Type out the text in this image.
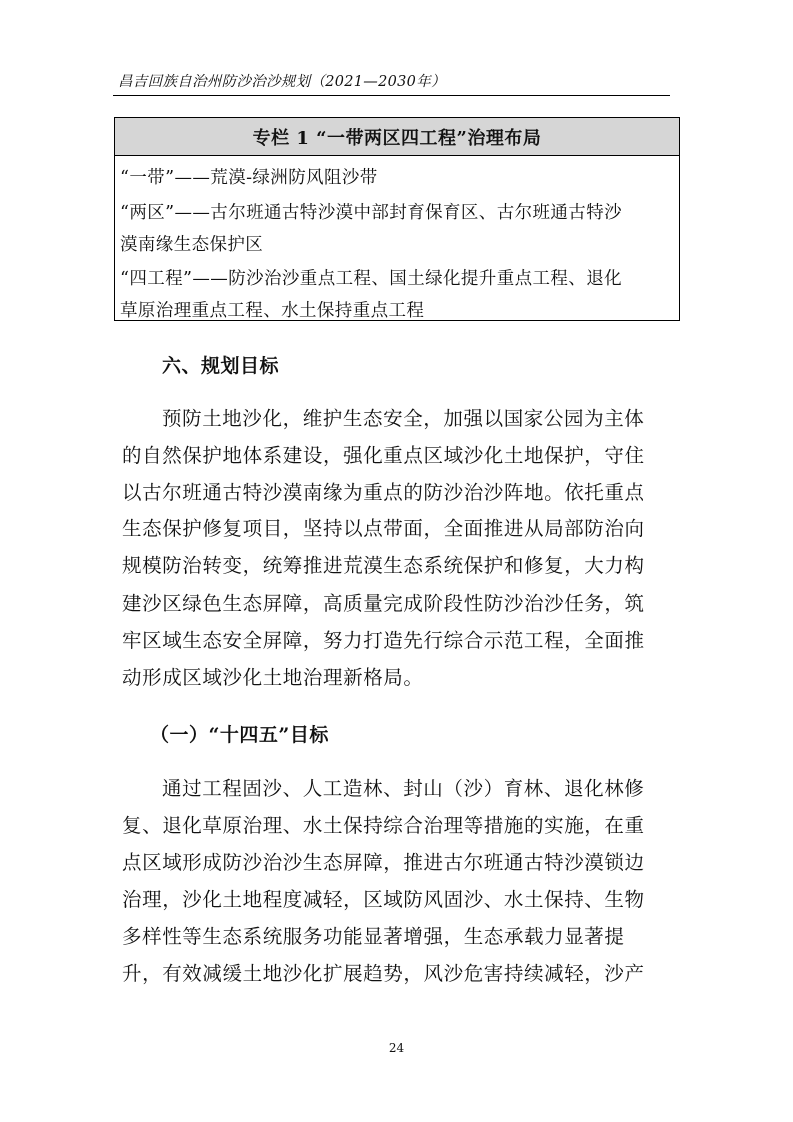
昌吉回族自治州防沙治沙规划（2021—2030年）
专栏 1 “一带两区四工程”治理布局
“一带”——荒漠-绿洲防风阻沙带
“两区”——古尔班通古特沙漠中部封育保育区、古尔班通古特沙
漠南缘生态保护区
“四工程”——防沙治沙重点工程、国土绿化提升重点工程、退化
草原治理重点工程、水土保持重点工程
六、规划目标
预防土地沙化，维护生态安全，加强以国家公园为主体
的自然保护地体系建设，强化重点区域沙化土地保护，守住
以古尔班通古特沙漠南缘为重点的防沙治沙阵地。依托重点
生态保护修复项目，坚持以点带面，全面推进从局部防治向
规模防治转变，统筹推进荒漠生态系统保护和修复，大力构
建沙区绿色生态屏障，高质量完成阶段性防沙治沙任务，筑
牢区域生态安全屏障，努力打造先行综合示范工程，全面推
动形成区域沙化土地治理新格局。
（一）“十四五”目标
通过工程固沙、人工造林、封山（沙）育林、退化林修
复、退化草原治理、水土保持综合治理等措施的实施，在重
点区域形成防沙治沙生态屏障，推进古尔班通古特沙漠锁边
治理，沙化土地程度减轻，区域防风固沙、水土保持、生物
多样性等生态系统服务功能显著增强，生态承载力显著提
升，有效减缓土地沙化扩展趋势，风沙危害持续减轻，沙产
24
